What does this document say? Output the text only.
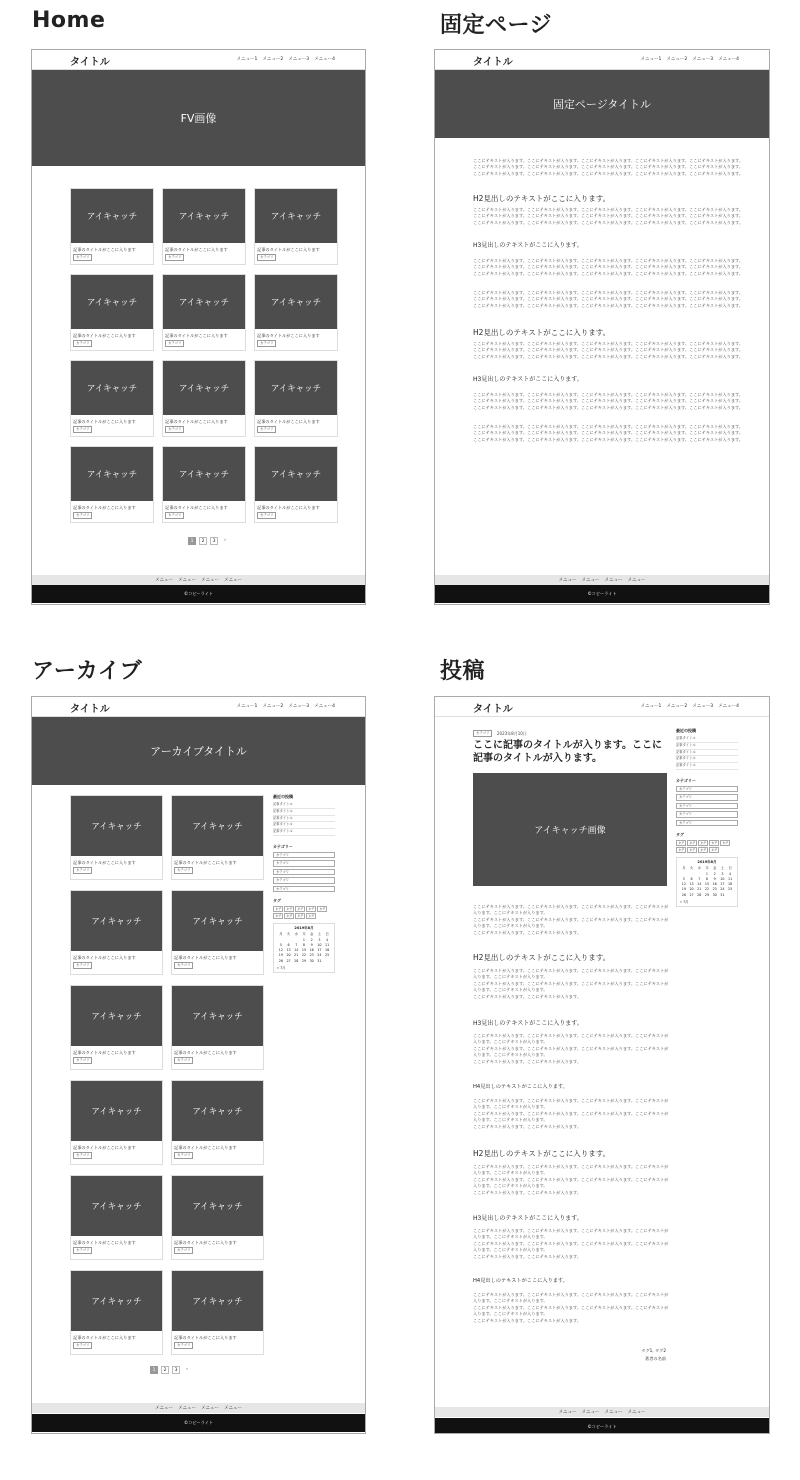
Home	固定ページ
アーカイブ	投稿
タイトル	メニュー1 メニュー2 メニュー3 メニュー4
FV画像
アイキャッチ
記事のタイトルがここに入ります
カテゴリ
アイキャッチ
記事のタイトルがここに入ります
カテゴリ
アイキャッチ
記事のタイトルがここに入ります
カテゴリ
アイキャッチ
記事のタイトルがここに入ります
カテゴリ
アイキャッチ
記事のタイトルがここに入ります
カテゴリ
アイキャッチ
記事のタイトルがここに入ります
カテゴリ
アイキャッチ
記事のタイトルがここに入ります
カテゴリ
アイキャッチ
記事のタイトルがここに入ります
カテゴリ
アイキャッチ
記事のタイトルがここに入ります
カテゴリ
アイキャッチ
記事のタイトルがここに入ります
カテゴリ
アイキャッチ
記事のタイトルがここに入ります
カテゴリ
アイキャッチ
記事のタイトルがここに入ります
カテゴリ
1	2	3	›
メニュー メニュー メニュー メニュー
©コピーライト
タイトル	メニュー1 メニュー2 メニュー3 メニュー4
固定ページタイトル
ここにテキストが入ります。ここにテキストが入ります。ここにテキストが入ります。ここにテキストが入ります。ここにテキストが入ります。
ここにテキストが入ります。ここにテキストが入ります。ここにテキストが入ります。ここにテキストが入ります。ここにテキストが入ります。
ここにテキストが入ります。ここにテキストが入ります。ここにテキストが入ります。ここにテキストが入ります。ここにテキストが入ります。
H2見出しのテキストがここに入ります。
ここにテキストが入ります。ここにテキストが入ります。ここにテキストが入ります。ここにテキストが入ります。ここにテキストが入ります。
ここにテキストが入ります。ここにテキストが入ります。ここにテキストが入ります。ここにテキストが入ります。ここにテキストが入ります。
ここにテキストが入ります。ここにテキストが入ります。ここにテキストが入ります。ここにテキストが入ります。ここにテキストが入ります。
H3見出しのテキストがここに入ります。
ここにテキストが入ります。ここにテキストが入ります。ここにテキストが入ります。ここにテキストが入ります。ここにテキストが入ります。
ここにテキストが入ります。ここにテキストが入ります。ここにテキストが入ります。ここにテキストが入ります。ここにテキストが入ります。
ここにテキストが入ります。ここにテキストが入ります。ここにテキストが入ります。ここにテキストが入ります。ここにテキストが入ります。
ここにテキストが入ります。ここにテキストが入ります。ここにテキストが入ります。ここにテキストが入ります。ここにテキストが入ります。
ここにテキストが入ります。ここにテキストが入ります。ここにテキストが入ります。ここにテキストが入ります。ここにテキストが入ります。
ここにテキストが入ります。ここにテキストが入ります。ここにテキストが入ります。ここにテキストが入ります。ここにテキストが入ります。
H2見出しのテキストがここに入ります。
ここにテキストが入ります。ここにテキストが入ります。ここにテキストが入ります。ここにテキストが入ります。ここにテキストが入ります。
ここにテキストが入ります。ここにテキストが入ります。ここにテキストが入ります。ここにテキストが入ります。ここにテキストが入ります。
ここにテキストが入ります。ここにテキストが入ります。ここにテキストが入ります。ここにテキストが入ります。ここにテキストが入ります。
H3見出しのテキストがここに入ります。
ここにテキストが入ります。ここにテキストが入ります。ここにテキストが入ります。ここにテキストが入ります。ここにテキストが入ります。
ここにテキストが入ります。ここにテキストが入ります。ここにテキストが入ります。ここにテキストが入ります。ここにテキストが入ります。
ここにテキストが入ります。ここにテキストが入ります。ここにテキストが入ります。ここにテキストが入ります。ここにテキストが入ります。
ここにテキストが入ります。ここにテキストが入ります。ここにテキストが入ります。ここにテキストが入ります。ここにテキストが入ります。
ここにテキストが入ります。ここにテキストが入ります。ここにテキストが入ります。ここにテキストが入ります。ここにテキストが入ります。
ここにテキストが入ります。ここにテキストが入ります。ここにテキストが入ります。ここにテキストが入ります。ここにテキストが入ります。
メニュー メニュー メニュー メニュー
©コピーライト
タイトル	メニュー1 メニュー2 メニュー3 メニュー4
アーカイブタイトル
アイキャッチ
記事のタイトルがここに入ります
カテゴリ
アイキャッチ
記事のタイトルがここに入ります
カテゴリ
アイキャッチ
記事のタイトルがここに入ります
カテゴリ
アイキャッチ
記事のタイトルがここに入ります
カテゴリ
アイキャッチ
記事のタイトルがここに入ります
カテゴリ
アイキャッチ
記事のタイトルがここに入ります
カテゴリ
アイキャッチ
記事のタイトルがここに入ります
カテゴリ
アイキャッチ
記事のタイトルがここに入ります
カテゴリ
アイキャッチ
記事のタイトルがここに入ります
カテゴリ
アイキャッチ
記事のタイトルがここに入ります
カテゴリ
アイキャッチ
記事のタイトルがここに入ります
カテゴリ
アイキャッチ
記事のタイトルがここに入ります
カテゴリ
最近の投稿
記事タイトル
記事タイトル
記事タイトル
記事タイトル
記事タイトル
カテゴリー
カテゴリ
カテゴリ
カテゴリ
カテゴリ
カテゴリ
タグ
タグ	タグ	タグ	タグ	タグ
タグ	タグ	タグ	タグ
2019年8月
月	火	水	木	金	土	日
			1	2	3	4
5	6	7	8	9	10	11
12	13	14	15	16	17	18
19	20	21	22	23	24	25
26	27	28	29	30	31	
« 7月
1	2	3	›
メニュー メニュー メニュー メニュー
©コピーライト
タイトル	メニュー1 メニュー2 メニュー3 メニュー4
カテゴリ	2023年8月10日
ここに記事のタイトルが入ります。ここに
記事のタイトルが入ります。
アイキャッチ画像
ここにテキストが入ります。ここにテキストが入ります。ここにテキストが入ります。ここにテキストが
入ります。ここにテキストが入ります。
ここにテキストが入ります。ここにテキストが入ります。ここにテキストが入ります。ここにテキストが
入ります。ここにテキストが入ります。
ここにテキストが入ります。ここにテキストが入ります。
H2見出しのテキストがここに入ります。
ここにテキストが入ります。ここにテキストが入ります。ここにテキストが入ります。ここにテキストが
入ります。ここにテキストが入ります。
ここにテキストが入ります。ここにテキストが入ります。ここにテキストが入ります。ここにテキストが
入ります。ここにテキストが入ります。
ここにテキストが入ります。ここにテキストが入ります。
H3見出しのテキストがここに入ります。
ここにテキストが入ります。ここにテキストが入ります。ここにテキストが入ります。ここにテキストが
入ります。ここにテキストが入ります。
ここにテキストが入ります。ここにテキストが入ります。ここにテキストが入ります。ここにテキストが
入ります。ここにテキストが入ります。
ここにテキストが入ります。ここにテキストが入ります。
H4見出しのテキストがここに入ります。
ここにテキストが入ります。ここにテキストが入ります。ここにテキストが入ります。ここにテキストが
入ります。ここにテキストが入ります。
ここにテキストが入ります。ここにテキストが入ります。ここにテキストが入ります。ここにテキストが
入ります。ここにテキストが入ります。
ここにテキストが入ります。ここにテキストが入ります。
H2見出しのテキストがここに入ります。
ここにテキストが入ります。ここにテキストが入ります。ここにテキストが入ります。ここにテキストが
入ります。ここにテキストが入ります。
ここにテキストが入ります。ここにテキストが入ります。ここにテキストが入ります。ここにテキストが
入ります。ここにテキストが入ります。
ここにテキストが入ります。ここにテキストが入ります。
H3見出しのテキストがここに入ります。
ここにテキストが入ります。ここにテキストが入ります。ここにテキストが入ります。ここにテキストが
入ります。ここにテキストが入ります。
ここにテキストが入ります。ここにテキストが入ります。ここにテキストが入ります。ここにテキストが
入ります。ここにテキストが入ります。
ここにテキストが入ります。ここにテキストが入ります。
H4見出しのテキストがここに入ります。
ここにテキストが入ります。ここにテキストが入ります。ここにテキストが入ります。ここにテキストが
入ります。ここにテキストが入ります。
ここにテキストが入ります。ここにテキストが入ります。ここにテキストが入ります。ここにテキストが
入ります。ここにテキストが入ります。
ここにテキストが入ります。ここにテキストが入ります。
タグ1, タグ2
著者の名前
最近の投稿
記事タイトル
記事タイトル
記事タイトル
記事タイトル
記事タイトル
カテゴリー
カテゴリ
カテゴリ
カテゴリ
カテゴリ
カテゴリ
タグ
タグ	タグ	タグ	タグ	タグ
タグ	タグ	タグ	タグ
2019年8月
月	火	水	木	金	土	日
			1	2	3	4
5	6	7	8	9	10	11
12	13	14	15	16	17	18
19	20	21	22	23	24	25
26	27	28	29	30	31	
« 7月
メニュー メニュー メニュー メニュー
©コピーライト
